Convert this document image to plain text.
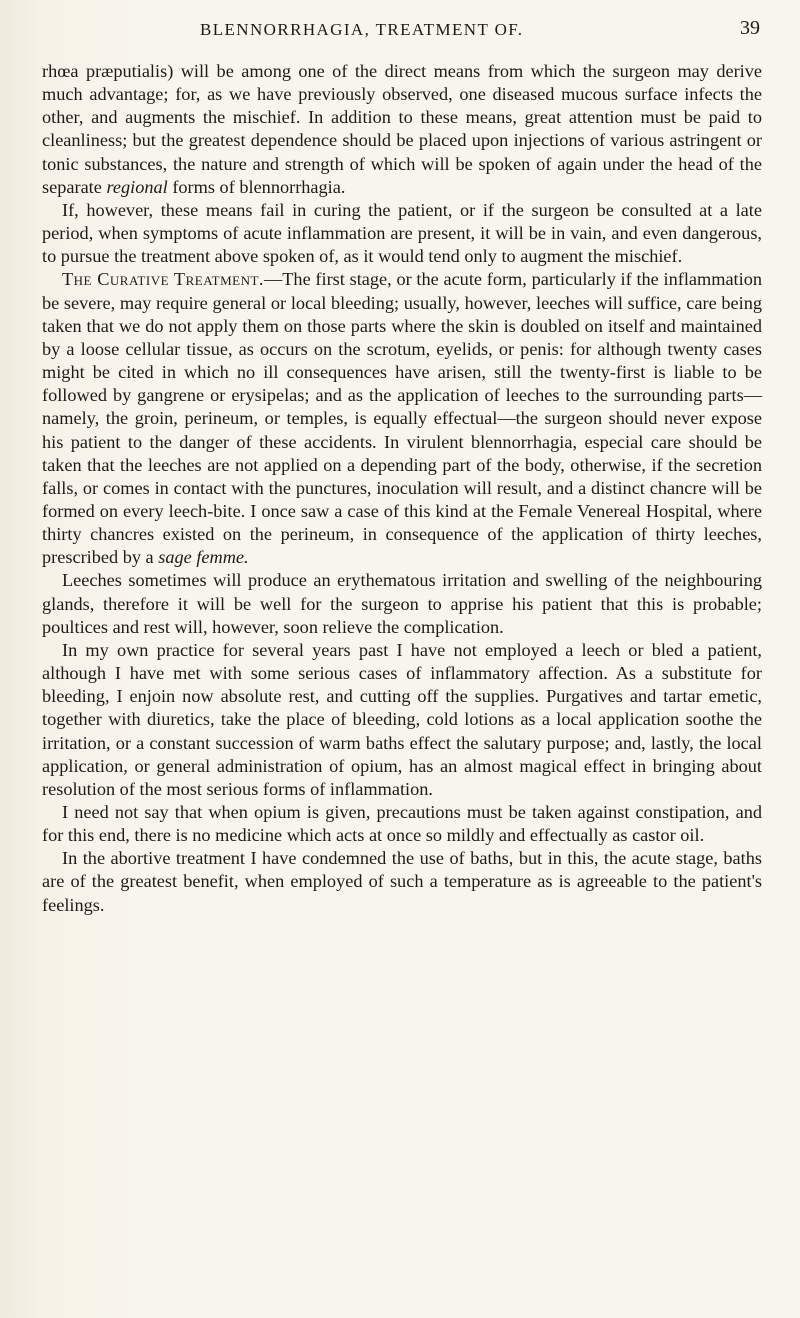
BLENNORRHAGIA, TREATMENT OF.	39

rhœa præputialis) will be among one of the direct means from which the surgeon may derive much advantage; for, as we have previously observed, one diseased mucous surface infects the other, and augments the mischief. In addition to these means, great attention must be paid to cleanliness; but the greatest dependence should be placed upon injections of various astringent or tonic substances, the nature and strength of which will be spoken of again under the head of the separate regional forms of blennorrhagia.

If, however, these means fail in curing the patient, or if the surgeon be consulted at a late period, when symptoms of acute inflammation are present, it will be in vain, and even dangerous, to pursue the treatment above spoken of, as it would tend only to augment the mischief.

The Curative Treatment.—The first stage, or the acute form, particularly if the inflammation be severe, may require general or local bleeding; usually, however, leeches will suffice, care being taken that we do not apply them on those parts where the skin is doubled on itself and maintained by a loose cellular tissue, as occurs on the scrotum, eyelids, or penis: for although twenty cases might be cited in which no ill consequences have arisen, still the twenty-first is liable to be followed by gangrene or erysipelas; and as the application of leeches to the surrounding parts—namely, the groin, perineum, or temples, is equally effectual—the surgeon should never expose his patient to the danger of these accidents. In virulent blennorrhagia, especial care should be taken that the leeches are not applied on a depending part of the body, otherwise, if the secretion falls, or comes in contact with the punctures, inoculation will result, and a distinct chancre will be formed on every leech-bite. I once saw a case of this kind at the Female Venereal Hospital, where thirty chancres existed on the perineum, in consequence of the application of thirty leeches, prescribed by a sage femme.

Leeches sometimes will produce an erythematous irritation and swelling of the neighbouring glands, therefore it will be well for the surgeon to apprise his patient that this is probable; poultices and rest will, however, soon relieve the complication.

In my own practice for several years past I have not employed a leech or bled a patient, although I have met with some serious cases of inflammatory affection. As a substitute for bleeding, I enjoin now absolute rest, and cutting off the supplies. Purgatives and tartar emetic, together with diuretics, take the place of bleeding, cold lotions as a local application soothe the irritation, or a constant succession of warm baths effect the salutary purpose; and, lastly, the local application, or general administration of opium, has an almost magical effect in bringing about resolution of the most serious forms of inflammation.

I need not say that when opium is given, precautions must be taken against constipation, and for this end, there is no medicine which acts at once so mildly and effectually as castor oil.

In the abortive treatment I have condemned the use of baths, but in this, the acute stage, baths are of the greatest benefit, when employed of such a temperature as is agreeable to the patient's feelings.
